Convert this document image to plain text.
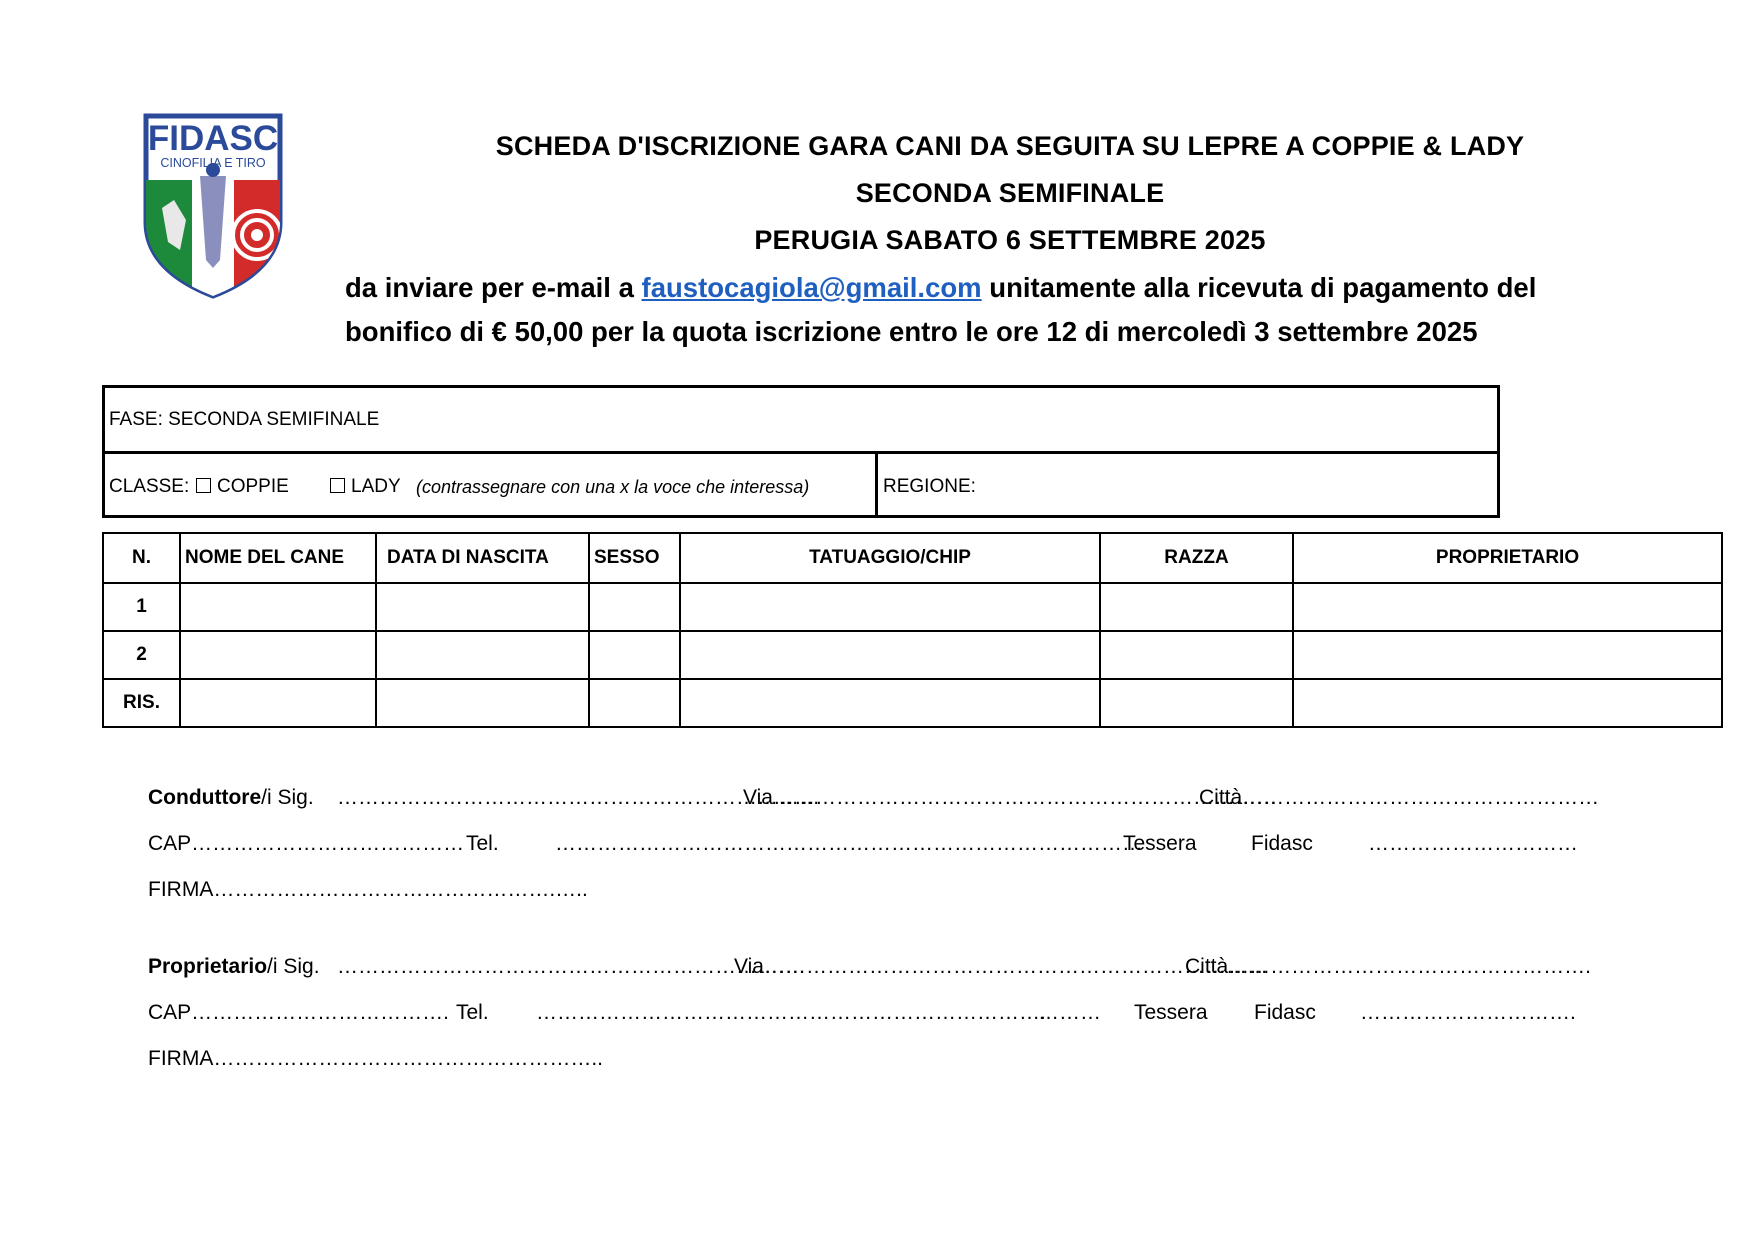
FIDASC
CINOFILIA E TIRO
SCHEDA D'ISCRIZIONE GARA CANI DA SEGUITA SU LEPRE A COPPIE & LADY
SECONDA SEMIFINALE
PERUGIA SABATO 6 SETTEMBRE 2025
da inviare per e-mail a faustocagiola@gmail.com unitamente alla ricevuta di pagamento del
bonifico di € 50,00 per la quota iscrizione entro le ore 12 di mercoledì 3 settembre 2025
FASE: SECONDA SEMIFINALE
CLASSE:	COPPIE	LADY (contrassegnare con una x la voce che interessa)	REGIONE:
N.	NOME DEL CANE	DATA DI NASCITA	SESSO	TATUAGGIO/CHIP	RAZZA	PROPRIETARIO
1						
2						
RIS.						
Conduttore/i Sig. ……………………………………………………………
Via………………………………………………………………
Città……………………………………………
CAP………………………………… Tel.	…………………………………………………………………………
Tessera	Fidasc	…………………………
FIRMA………………………………………….…..
Proprietario/i Sig. ………………………………………………………….
Via………………………………………………………………
Città…………………………………………….
CAP………………………………. Tel. ……………………………………………………………….
……… Tessera Fidasc ………………………….
FIRMA………………………………………………..
